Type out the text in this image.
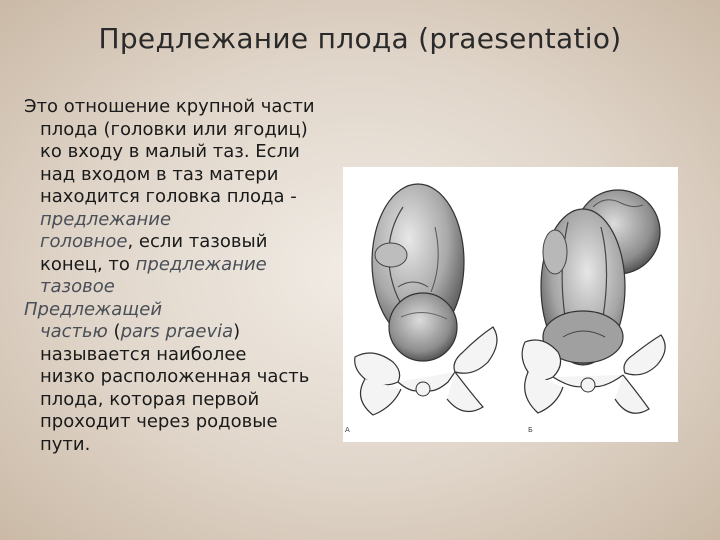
Предлежание плода (praesentatio)

Это отношение крупной части
плода (головки или ягодиц)
ко входу в малый таз. Если
над входом в таз матери
находится головка плода -
предлежание
головное, если тазовый
конец, то предлежание
тазовое

Предлежащей
частью (pars praevia)
называется наиболее
низко расположенная часть
плода, которая первой
проходит через родовые
пути.

А	Б
